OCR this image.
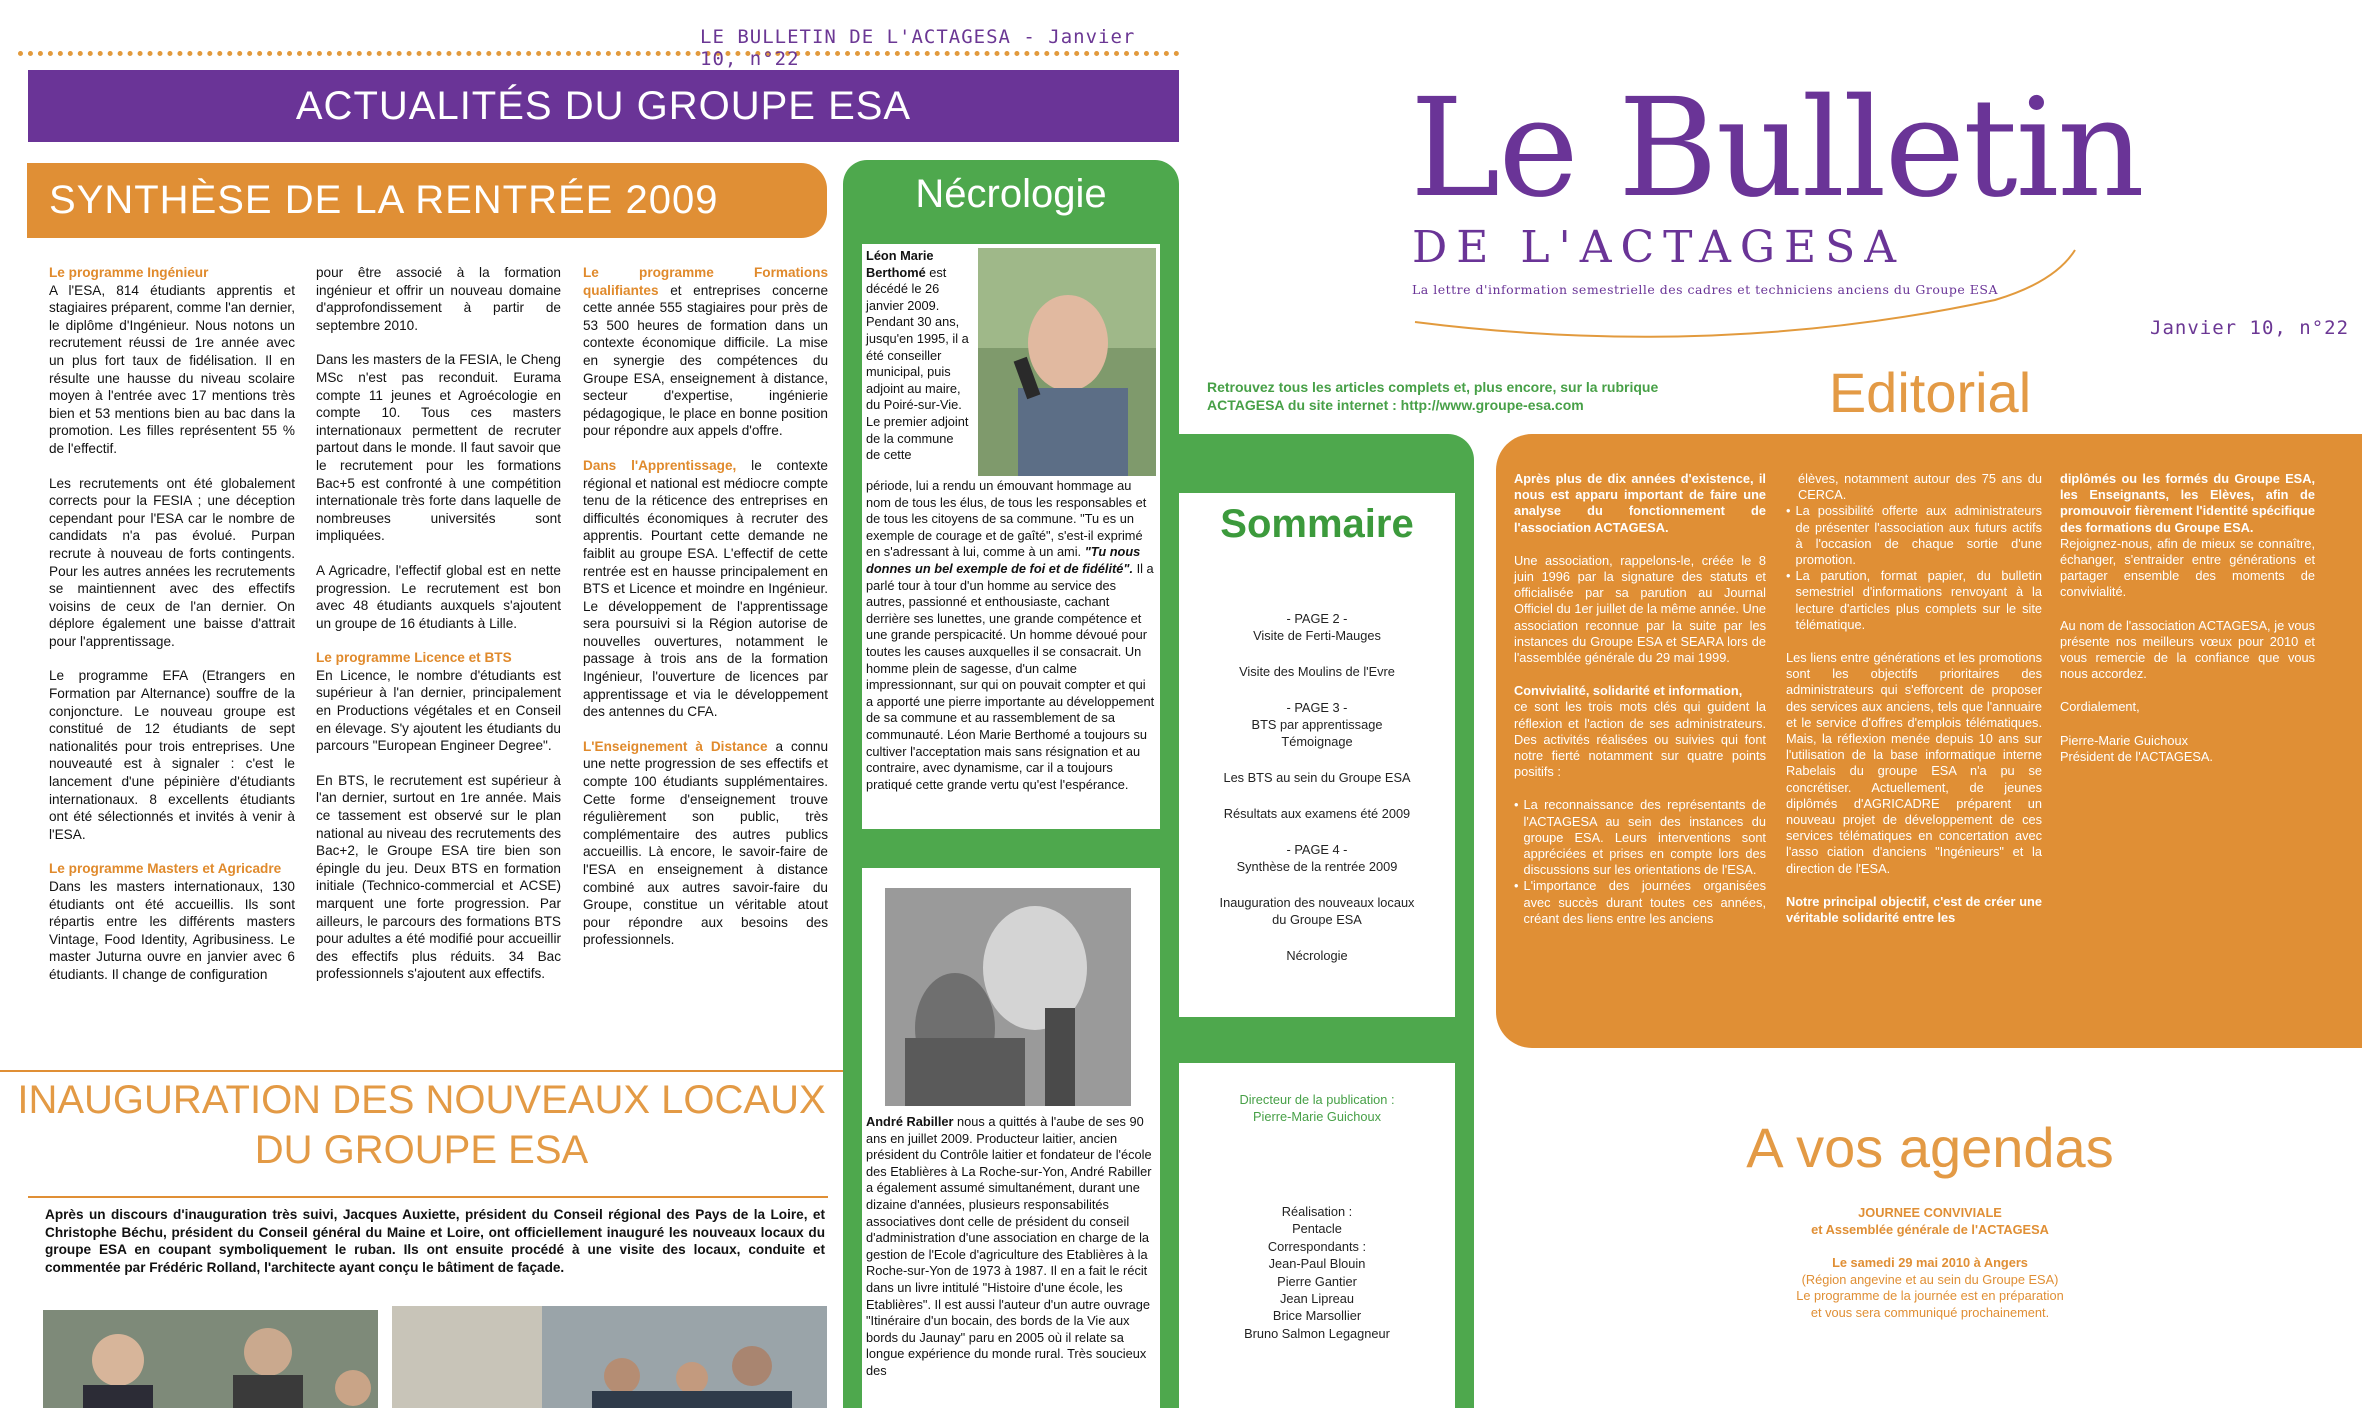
LE BULLETIN DE L'ACTAGESA - Janvier 10, n°22
ACTUALITÉS DU GROUPE ESA	Le Bulletin
DE L'ACTAGESA
La lettre d'information semestrielle des cadres et techniciens anciens du Groupe ESA
Janvier 10, n°22
SYNTHÈSE DE LA RENTRÉE 2009
Le programme Ingénieur

A l'ESA, 814 étudiants apprentis et stagiaires préparent, comme l'an dernier, le diplôme d'Ingénieur. Nous notons un recrutement réussi de 1re année avec un plus fort taux de fidélisation. Il en résulte une hausse du niveau scolaire moyen à l'entrée avec 17 mentions très bien et 53 mentions bien au bac dans la promotion. Les filles représentent 55 % de l'effectif.

Les recrutements ont été globalement corrects pour la FESIA ; une déception cependant pour l'ESA car le nombre de candidats n'a pas évolué. Purpan recrute à nouveau de forts contingents. Pour les autres années les recrutements se maintiennent avec des effectifs voisins de ceux de l'an dernier. On déplore également une baisse d'attrait pour l'apprentissage.

Le programme EFA (Etrangers en Formation par Alternance) souffre de la conjoncture. Le nouveau groupe est constitué de 12 étudiants de sept nationalités pour trois entreprises. Une nouveauté est à signaler : c'est le lancement d'une pépinière d'étudiants internationaux. 8 excellents étudiants ont été sélectionnés et invités à venir à l'ESA.

Le programme Masters et Agricadre

Dans les masters internationaux, 130 étudiants ont été accueillis. Ils sont répartis entre les différents masters Vintage, Food Identity, Agribusiness. Le master Juturna ouvre en janvier avec 6 étudiants. Il change de configuration

pour être associé à la formation ingénieur et offrir un nouveau domaine d'approfondissement à partir de septembre 2010.

Dans les masters de la FESIA, le Cheng MSc n'est pas reconduit. Eurama compte 11 jeunes et Agroécologie en compte 10. Tous ces masters internationaux permettent de recruter partout dans le monde. Il faut savoir que le recrutement pour les formations Bac+5 est confronté à une compétition internationale très forte dans laquelle de nombreuses universités sont impliquées.

A Agricadre, l'effectif global est en nette progression. Le recrutement est bon avec 48 étudiants auxquels s'ajoutent un groupe de 16 étudiants à Lille.

Le programme Licence et BTS

En Licence, le nombre d'étudiants est supérieur à l'an dernier, principalement en Productions végétales et en Conseil en élevage. S'y ajoutent les étudiants du parcours "European Engineer Degree".

En BTS, le recrutement est supérieur à l'an dernier, surtout en 1re année. Mais ce tassement est observé sur le plan national au niveau des recrutements des Bac+2, le Groupe ESA tire bien son épingle du jeu. Deux BTS en formation initiale (Technico-commercial et ACSE) marquent une forte progression. Par ailleurs, le parcours des formations BTS pour adultes a été modifié pour accueillir des effectifs plus réduits. 34 Bac professionnels s'ajoutent aux effectifs.

Le programme Formations qualifiantes et entreprises concerne cette année 555 stagiaires pour près de 53 500 heures de formation dans un contexte économique difficile. La mise en synergie des compétences du Groupe ESA, enseignement à distance, secteur d'expertise, ingénierie pédagogique, le place en bonne position pour répondre aux appels d'offre.

Dans l'Apprentissage, le contexte régional et national est médiocre compte tenu de la réticence des entreprises en difficultés économiques à recruter des apprentis. Pourtant cette demande ne faiblit au groupe ESA. L'effectif de cette rentrée est en hausse principalement en BTS et Licence et moindre en Ingénieur. Le développement de l'apprentissage sera poursuivi si la Région autorise de nouvelles ouvertures, notamment le passage à trois ans de la formation Ingénieur, l'ouverture de licences par apprentissage et via le développement des antennes du CFA.

L'Enseignement à Distance a connu une nette progression de ses effectifs et compte 100 étudiants supplémentaires. Cette forme d'enseignement trouve régulièrement son public, très complémentaire des autres publics accueillis. Là encore, le savoir-faire de l'ESA en enseignement à distance combiné aux autres savoir-faire du Groupe, constitue un véritable atout pour répondre aux besoins des professionnels.

INAUGURATION DES NOUVEAUX LOCAUX
DU GROUPE ESA
Après un discours d'inauguration très suivi, Jacques Auxiette, président du Conseil régional des Pays de la Loire, et Christophe Béchu, président du Conseil général du Maine et Loire, ont officiellement inauguré les nouveaux locaux du groupe ESA en coupant symboliquement le ruban. Ils ont ensuite procédé à une visite des locaux, conduite et commentée par Frédéric Rolland, l'architecte ayant conçu le bâtiment de façade.
Nécrologie
Léon Marie Berthomé est décédé le 26 janvier 2009. Pendant 30 ans, jusqu'en 1995, il a été conseiller municipal, puis adjoint au maire, du Poiré-sur-Vie. Le premier adjoint de la commune de cette
période, lui a rendu un émouvant hommage au nom de tous les élus, de tous les responsables et de tous les citoyens de sa commune. "Tu es un exemple de courage et de gaîté", s'est-il exprimé en s'adressant à lui, comme à un ami. "Tu nous donnes un bel exemple de foi et de fidélité". Il a parlé tour à tour d'un homme au service des autres, passionné et enthousiaste, cachant derrière ses lunettes, une grande compétence et une grande perspicacité. Un homme dévoué pour toutes les causes auxquelles il se consacrait. Un homme plein de sagesse, d'un calme impressionnant, sur qui on pouvait compter et qui a apporté une pierre importante au développement de sa commune et au rassemblement de sa communauté. Léon Marie Berthomé a toujours su cultiver l'acceptation mais sans résignation et au contraire, avec dynamisme, car il a toujours pratiqué cette grande vertu qu'est l'espérance.
André Rabiller nous a quittés à l'aube de ses 90 ans en juillet 2009. Producteur laitier, ancien président du Contrôle laitier et fondateur de l'école des Etablières à La Roche-sur-Yon, André Rabiller a également assumé simultanément, durant une dizaine d'années, plusieurs responsabilités associatives dont celle de président du conseil d'administration d'une association en charge de la gestion de l'Ecole d'agriculture des Etablières à la Roche-sur-Yon de 1973 à 1987. Il en a fait le récit dans un livre intitulé "Histoire d'une école, les Etablières". Il est aussi l'auteur d'un autre ouvrage "Itinéraire d'un bocain, des bords de la Vie aux bords du Jaunay" paru en 2005 où il relate sa longue expérience du monde rural. Très soucieux des
Retrouvez tous les articles complets et, plus encore, sur la rubrique
ACTAGESA du site internet : http://www.groupe-esa.com
Sommaire
- PAGE 2 -
Visite de Ferti-Mauges
Visite des Moulins de l'Evre
- PAGE 3 -
BTS par apprentissage
Témoignage
Les BTS au sein du Groupe ESA
Résultats aux examens été 2009
- PAGE 4 -
Synthèse de la rentrée 2009
Inauguration des nouveaux locaux
du Groupe ESA
Nécrologie
Directeur de la publication :
Pierre-Marie Guichoux
Réalisation :
Pentacle
Correspondants :
Jean-Paul Blouin
Pierre Gantier
Jean Lipreau
Brice Marsollier
Bruno Salmon Legagneur
Editorial

Après plus de dix années d'existence, il nous est apparu important de faire une analyse du fonctionnement de l'association ACTAGESA.

Une association, rappelons-le, créée le 8 juin 1996 par la signature des statuts et officialisée par sa parution au Journal Officiel du 1er juillet de la même année. Une association reconnue par la suite par les instances du Groupe ESA et SEARA lors de l'assemblée générale du 29 mai 1999.

Convivialité, solidarité et information,

ce sont les trois mots clés qui guident la réflexion et l'action de ses administrateurs. Des activités réalisées ou suivies qui font notre fierté notamment sur quatre points positifs :

• La reconnaissance des représentants de l'ACTAGESA au sein des instances du groupe ESA. Leurs interventions sont appréciées et prises en compte lors des discussions sur les orientations de l'ESA.
• L'importance des journées organisées avec succès durant toutes ces années, créant des liens entre les anciens
élèves, notamment autour des 75 ans du CERCA.
• La possibilité offerte aux administrateurs de présenter l'association aux futurs actifs à l'occasion de chaque sortie d'une promotion.
• La parution, format papier, du bulletin semestriel d'informations renvoyant à la lecture d'articles plus complets sur le site télématique.

Les liens entre générations et les promotions sont les objectifs prioritaires des administrateurs qui s'efforcent de proposer des services aux anciens, tels que l'annuaire et le service d'offres d'emplois télématiques. Mais, la réflexion menée depuis 10 ans sur l'utilisation de la base informatique interne Rabelais du groupe ESA n'a pu se concrétiser. Actuellement, de jeunes diplômés d'AGRICADRE préparent un nouveau projet de développement de ces services télématiques en concertation avec l'asso ciation d'anciens "Ingénieurs" et la direction de l'ESA.

Notre principal objectif, c'est de créer une véritable solidarité entre les

diplômés ou les formés du Groupe ESA, les Enseignants, les Elèves, afin de promouvoir fièrement l'identité spécifique des formations du Groupe ESA.

Rejoignez-nous, afin de mieux se connaître, échanger, s'entraider entre générations et partager ensemble des moments de convivialité.

Au nom de l'association ACTAGESA, je vous présente nos meilleurs vœux pour 2010 et vous remercie de la confiance que vous nous accordez.

Cordialement,

Pierre-Marie Guichoux
Président de l'ACTAGESA.
A vos agendas
JOURNEE CONVIVIALE
et Assemblée générale de l'ACTAGESA
Le samedi 29 mai 2010 à Angers
(Région angevine et au sein du Groupe ESA)
Le programme de la journée est en préparation
et vous sera communiqué prochainement.
